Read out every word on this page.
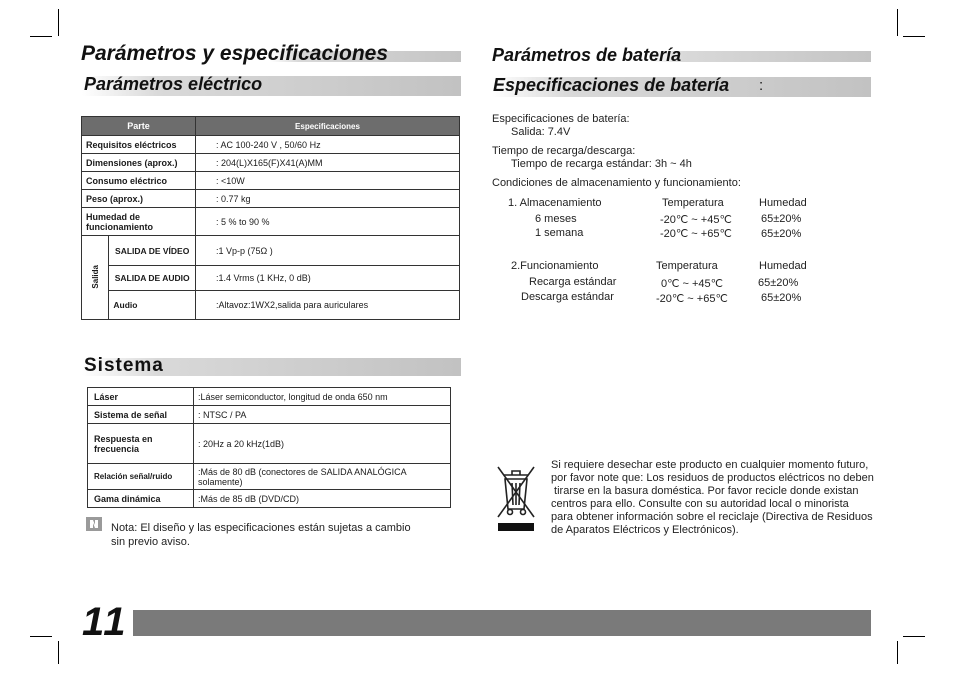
Parámetros y especificaciones
Parámetros eléctrico
Parte		Especificaciones
Requisitos eléctricos		: AC 100-240 V , 50/60 Hz
Dimensiones (aprox.)		: 204(L)X165(F)X41(A)MM
Consumo eléctrico		: <10W
Peso (aprox.)		: 0.77 kg
Humedad de funcionamiento		: 5 % to 90 %
Salida	SALIDA DE VÍDEO	:1 Vp-p (75Ω )
	SALIDA DE AUDIO	:1.4 Vrms (1 KHz, 0 dB)
	Audio	:Altavoz:1WX2,salida para auriculares
Sistema
Láser	:Láser semiconductor, longitud de onda 650 nm
Sistema de señal	: NTSC / PA
Respuesta en frecuencia	: 20Hz a 20 kHz(1dB)
Relación señal/ruido	:Más de 80 dB (conectores de SALIDA ANALÓGICA solamente)
Gama dinámica	:Más de 85 dB (DVD/CD)
Nota: El diseño y las especificaciones están sujetas a cambio
sin previo aviso.
Parámetros de batería
Especificaciones de batería :
Especificaciones de batería:
Salida: 7.4V
Tiempo de recarga/descarga:
Tiempo de recarga estándar: 3h ~ 4h
Condiciones de almacenamiento y funcionamiento:
1. Almacenamiento	Temperatura	Humedad
6 meses	-20℃ ~ +45℃	65±20%
1 semana	-20℃ ~ +65℃	65±20%
2.Funcionamiento	Temperatura	Humedad
Recarga estándar	0℃ ~ +45℃	65±20%
Descarga estándar	-20℃ ~ +65℃	65±20%
Si requiere desechar este producto en cualquier momento futuro,
por favor note que: Los residuos de productos eléctricos no deben
tirarse en la basura doméstica. Por favor recicle donde existan
centros para ello. Consulte con su autoridad local o minorista
para obtener información sobre el reciclaje (Directiva de Residuos
de Aparatos Eléctricos y Electrónicos).
11
